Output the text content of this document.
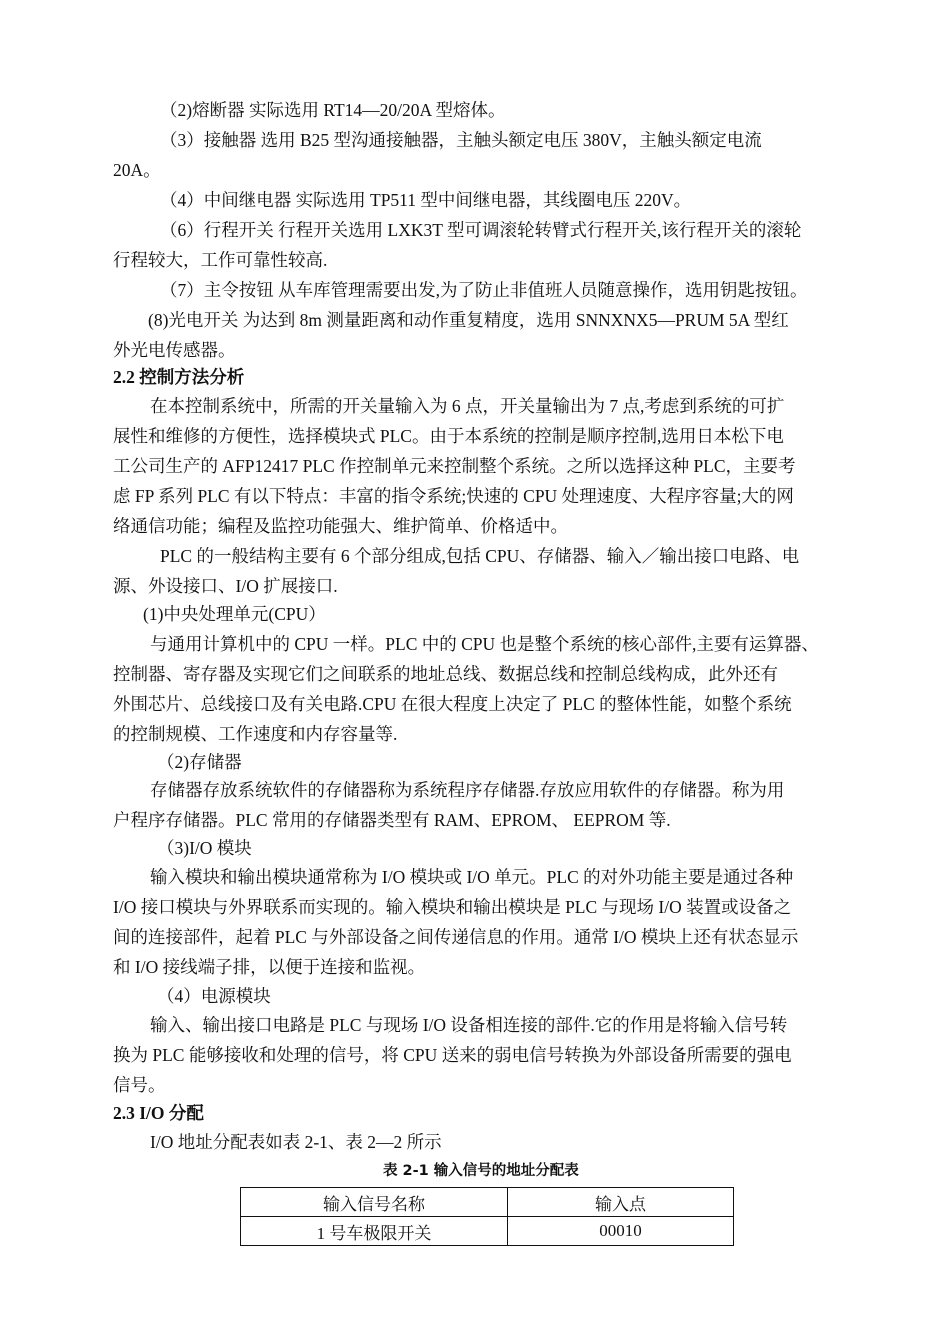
（2)熔断器 实际选用 RT14—20/20A 型熔体。
（3）接触器 选用 B25 型沟通接触器，主触头额定电压 380V，主触头额定电流
20A。
（4）中间继电器 实际选用 TP511 型中间继电器，其线圈电压 220V。
（6）行程开关 行程开关选用 LXK3T 型可调滚轮转臂式行程开关,该行程开关的滚轮
行程较大，工作可靠性较高.
（7）主令按钮 从车库管理需要出发,为了防止非值班人员随意操作，选用钥匙按钮。
(8)光电开关 为达到 8m 测量距离和动作重复精度，选用 SNNXNX5—PRUM 5A 型红
外光电传感器。
2.2 控制方法分析
在本控制系统中，所需的开关量输入为 6 点，开关量输出为 7 点,考虑到系统的可扩
展性和维修的方便性，选择模块式 PLC。由于本系统的控制是顺序控制,选用日本松下电
工公司生产的 AFP12417 PLC 作控制单元来控制整个系统。之所以选择这种 PLC，主要考
虑 FP 系列 PLC 有以下特点：丰富的指令系统;快速的 CPU 处理速度、大程序容量;大的网
络通信功能；编程及监控功能强大、维护简单、价格适中。
PLC 的一般结构主要有 6 个部分组成,包括 CPU、存储器、输入／输出接口电路、电
源、外设接口、I/O 扩展接口.
(1)中央处理单元(CPU）
与通用计算机中的 CPU 一样。PLC 中的 CPU 也是整个系统的核心部件,主要有运算器、
控制器、寄存器及实现它们之间联系的地址总线、数据总线和控制总线构成，此外还有
外围芯片、总线接口及有关电路.CPU 在很大程度上决定了 PLC 的整体性能，如整个系统
的控制规模、工作速度和内存容量等.
（2)存储器
存储器存放系统软件的存储器称为系统程序存储器.存放应用软件的存储器。称为用
户程序存储器。PLC 常用的存储器类型有 RAM、EPROM、 EEPROM 等.
（3)I/O 模块
输入模块和输出模块通常称为 I/O 模块或 I/O 单元。PLC 的对外功能主要是通过各种
I/O 接口模块与外界联系而实现的。输入模块和输出模块是 PLC 与现场 I/O 装置或设备之
间的连接部件，起着 PLC 与外部设备之间传递信息的作用。通常 I/O 模块上还有状态显示
和 I/O 接线端子排，以便于连接和监视。
（4）电源模块
输入、输出接口电路是 PLC 与现场 I/O 设备相连接的部件.它的作用是将输入信号转
换为 PLC 能够接收和处理的信号，将 CPU 送来的弱电信号转换为外部设备所需要的强电
信号。
2.3 I/O 分配
I/O 地址分配表如表 2-1、表 2—2 所示
表 2-1 输入信号的地址分配表
输入信号名称	输入点
1 号车极限开关	00010
